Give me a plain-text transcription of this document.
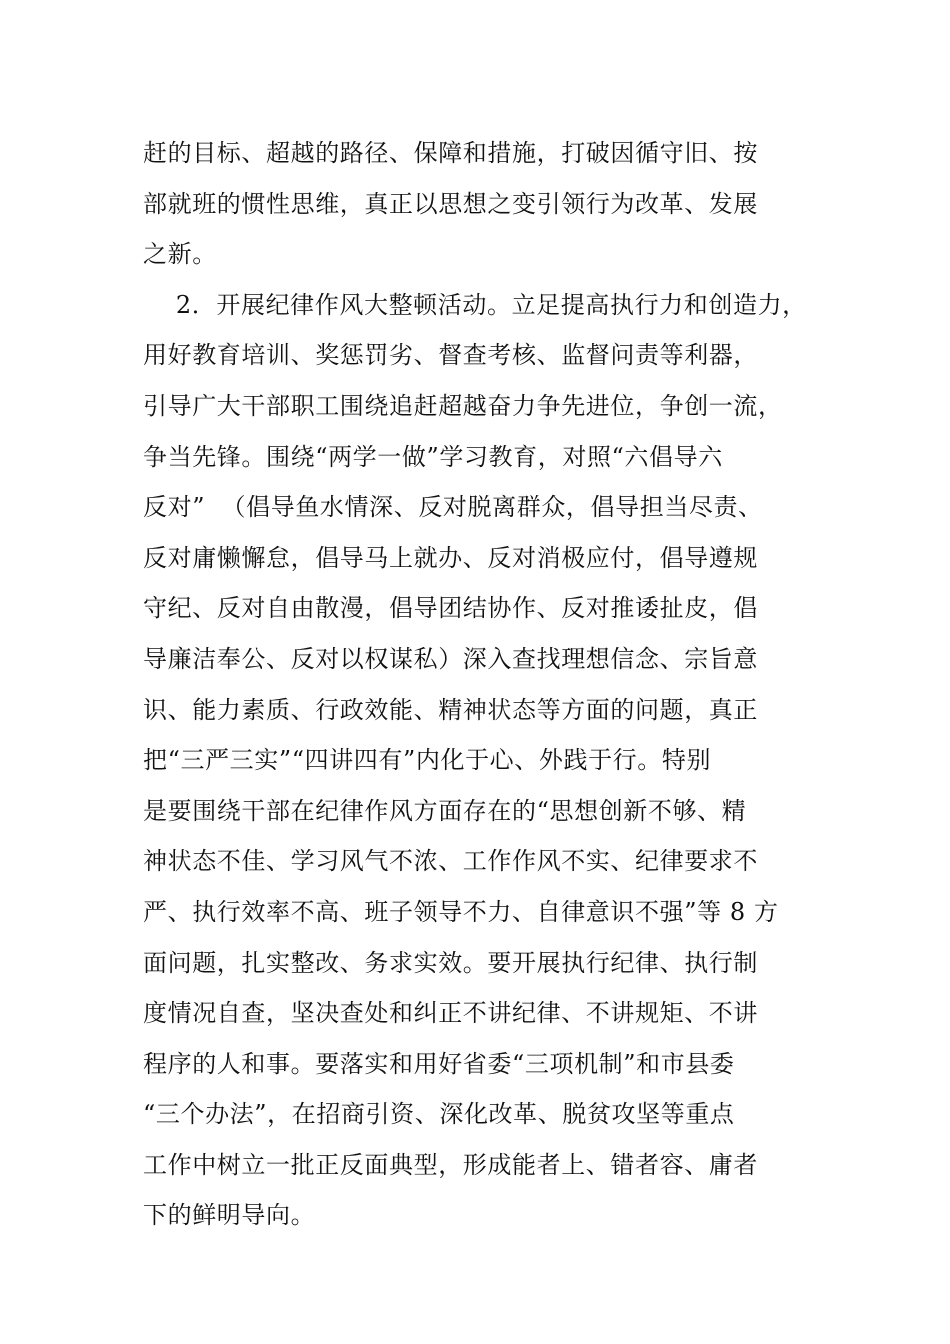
赶的目标、超越的路径、保障和措施，打破因循守旧、按
部就班的惯性思维，真正以思想之变引领行为改革、发展
之新。
2．开展纪律作风大整顿活动。立足提高执行力和创造力，
用好教育培训、奖惩罚劣、督查考核、监督问责等利器，
引导广大干部职工围绕追赶超越奋力争先进位，争创一流，
争当先锋。围绕“两学一做”学习教育，对照“六倡导六
反对”  （倡导鱼水情深、反对脱离群众，倡导担当尽责、
反对庸懒懈怠，倡导马上就办、反对消极应付，倡导遵规
守纪、反对自由散漫，倡导团结协作、反对推诿扯皮，倡
导廉洁奉公、反对以权谋私）深入查找理想信念、宗旨意
识、能力素质、行政效能、精神状态等方面的问题，真正
把“三严三实”“四讲四有”内化于心、外践于行。特别
是要围绕干部在纪律作风方面存在的“思想创新不够、精
神状态不佳、学习风气不浓、工作作风不实、纪律要求不
严、执行效率不高、班子领导不力、自律意识不强”等 8 方
面问题，扎实整改、务求实效。要开展执行纪律、执行制
度情况自查，坚决查处和纠正不讲纪律、不讲规矩、不讲
程序的人和事。要落实和用好省委“三项机制”和市县委
“三个办法”，在招商引资、深化改革、脱贫攻坚等重点
工作中树立一批正反面典型，形成能者上、错者容、庸者
下的鲜明导向。
